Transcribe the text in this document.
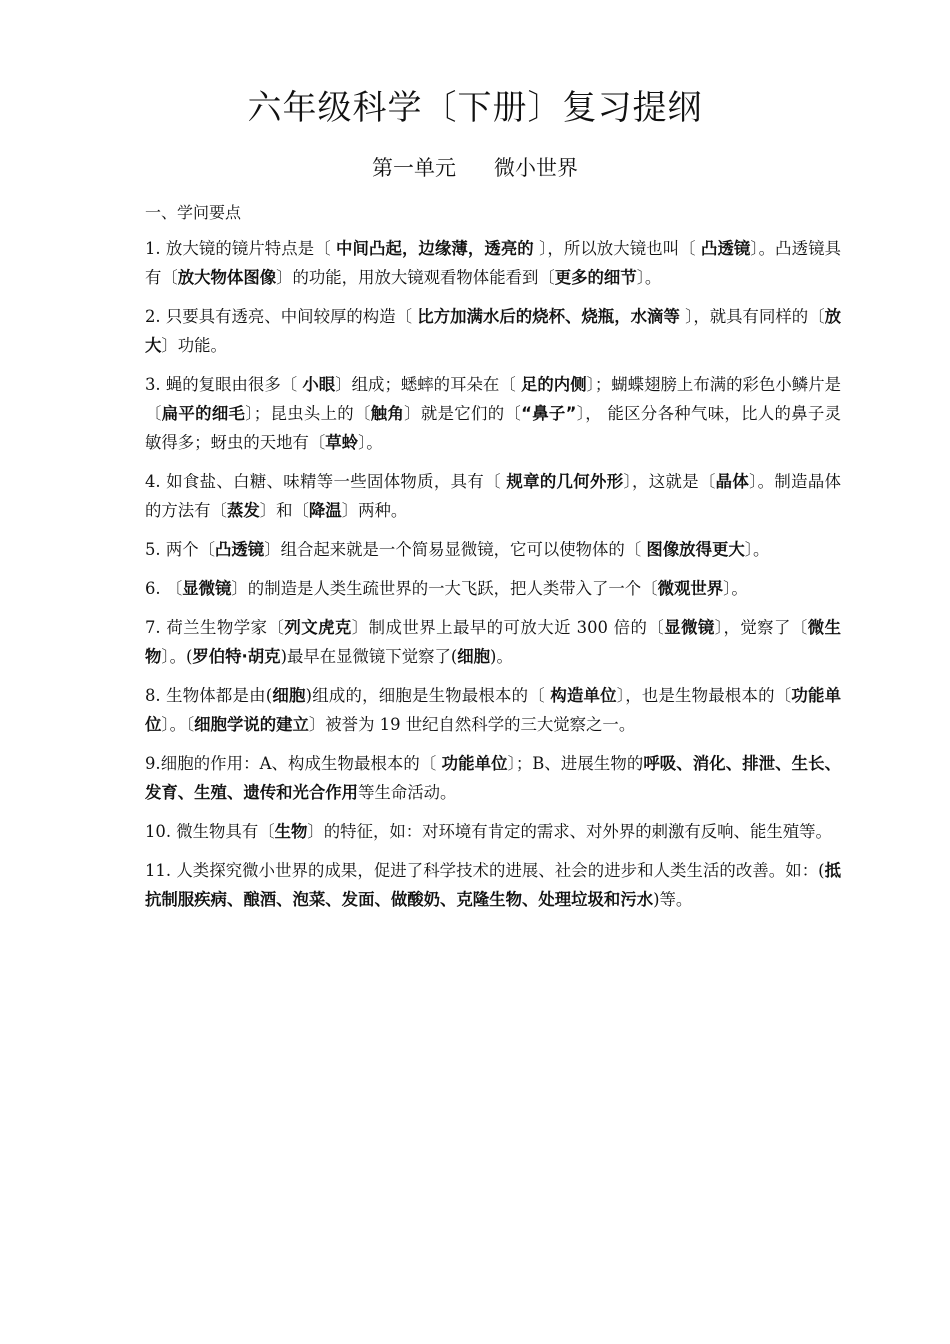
六年级科学〔下册〕复习提纲
第一单元 微小世界

一、学问要点

1. 放大镜的镜片特点是〔 中间凸起，边缘薄，透亮的 〕，所以放大镜也叫〔 凸透镜〕。凸透镜具有〔放大物体图像〕的功能，用放大镜观看物体能看到〔更多的细节〕。

2. 只要具有透亮、中间较厚的构造〔 比方加满水后的烧杯、烧瓶，水滴等 〕，就具有同样的〔放大〕功能。

3. 蝇的复眼由很多〔 小眼〕组成；蟋蟀的耳朵在〔 足的内侧〕；蝴蝶翅膀上布满的彩色小鳞片是〔扁平的细毛〕；昆虫头上的〔触角〕就是它们的〔“鼻子”〕， 能区分各种气味，比人的鼻子灵敏得多；蚜虫的天地有〔草蛉〕。

4. 如食盐、白糖、味精等一些固体物质，具有〔 规章的几何外形〕，这就是〔晶体〕。制造晶体的方法有〔蒸发〕和〔降温〕两种。

5. 两个〔凸透镜〕组合起来就是一个简易显微镜，它可以使物体的〔 图像放得更大〕。

6. 〔显微镜〕的制造是人类生疏世界的一大飞跃，把人类带入了一个〔微观世界〕。

7. 荷兰生物学家〔列文虎克〕制成世界上最早的可放大近 300 倍的〔显微镜〕，觉察了〔微生物〕。(罗伯特·胡克)最早在显微镜下觉察了(细胞)。

8. 生物体都是由(细胞)组成的，细胞是生物最根本的〔 构造单位〕，也是生物最根本的〔功能单位〕。〔细胞学说的建立〕被誉为 19 世纪自然科学的三大觉察之一。

9.细胞的作用：A、构成生物最根本的〔 功能单位〕；B、进展生物的呼吸、消化、排泄、生长、发育、生殖、遗传和光合作用等生命活动。

10. 微生物具有〔生物〕的特征，如：对环境有肯定的需求、对外界的刺激有反响、能生殖等。

11. 人类探究微小世界的成果，促进了科学技术的进展、社会的进步和人类生活的改善。如：(抵抗制服疾病、酿酒、泡菜、发面、做酸奶、克隆生物、处理垃圾和污水)等。
